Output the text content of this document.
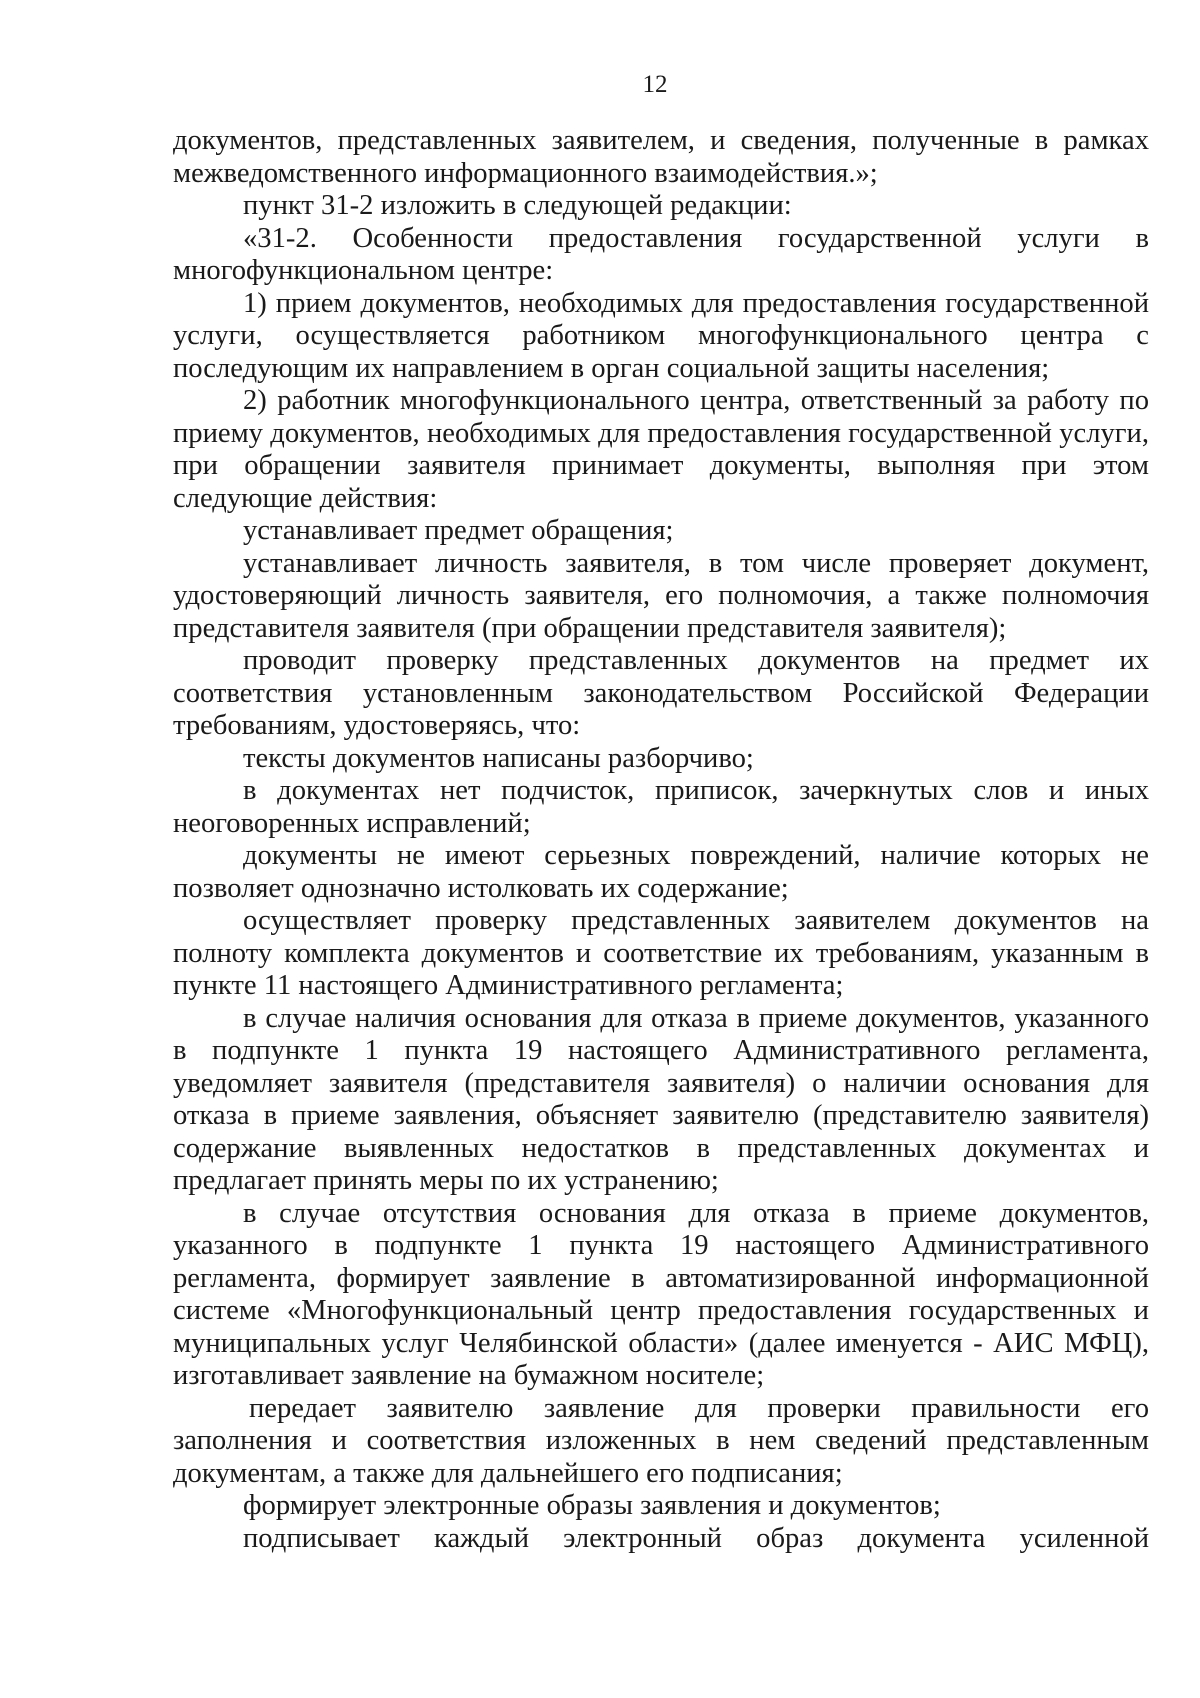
12

документов, представленных заявителем, и сведения, полученные в рамках

межведомственного информационного взаимодействия.»;

пункт 31-2 изложить в следующей редакции:

«31-2. Особенности предоставления государственной услуги в

многофункциональном центре:

1) прием документов, необходимых для предоставления государственной

услуги, осуществляется работником многофункционального центра с

последующим их направлением в орган социальной защиты населения;

2) работник многофункционального центра, ответственный за работу по

приему документов, необходимых для предоставления государственной услуги,

при обращении заявителя принимает документы, выполняя при этом

следующие действия:

устанавливает предмет обращения;

устанавливает личность заявителя, в том числе проверяет документ,

удостоверяющий личность заявителя, его полномочия, а также полномочия

представителя заявителя (при обращении представителя заявителя);

проводит проверку представленных документов на предмет их

соответствия установленным законодательством Российской Федерации

требованиям, удостоверяясь, что:

тексты документов написаны разборчиво;

в документах нет подчисток, приписок, зачеркнутых слов и иных

неоговоренных исправлений;

документы не имеют серьезных повреждений, наличие которых не

позволяет однозначно истолковать их содержание;

осуществляет проверку представленных заявителем документов на

полноту комплекта документов и соответствие их требованиям, указанным в

пункте 11 настоящего Административного регламента;

в случае наличия основания для отказа в приеме документов, указанного

в подпункте 1 пункта 19 настоящего Административного регламента,

уведомляет заявителя (представителя заявителя) о наличии основания для

отказа в приеме заявления, объясняет заявителю (представителю заявителя)

содержание выявленных недостатков в представленных документах и

предлагает принять меры по их устранению;

в случае отсутствия основания для отказа в приеме документов,

указанного в подпункте 1 пункта 19 настоящего Административного

регламента, формирует заявление в автоматизированной информационной

системе «Многофункциональный центр предоставления государственных и

муниципальных услуг Челябинской области» (далее именуется - АИС МФЦ),

изготавливает заявление на бумажном носителе;

передает заявителю заявление для проверки правильности его

заполнения и соответствия изложенных в нем сведений представленным

документам, а также для дальнейшего его подписания;

формирует электронные образы заявления и документов;

подписывает каждый электронный образ документа усиленной
